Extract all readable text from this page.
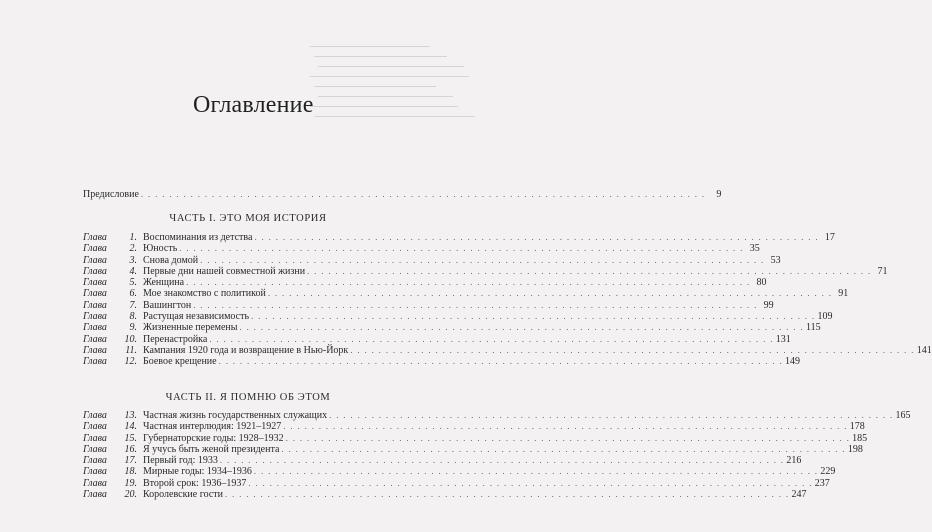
Оглавление
Предисловие . . . . . . . . . . . . . . . . . . . . . . . . . . . . . . . . . . . . . . . . . . . . . . . . . . . . . . . . . . . . . . . . . . . . . . . . . . . . . . . .	9
ЧАСТЬ I. ЭТО МОЯ ИСТОРИЯ
Глава	1. Воспоминания из детства . . . . . . . . . . . . . . . . . . . . . . . . . . . . . . . . . . . . . . . . . . . . . . . . . . . . . . . . . . . . . . . . . . . . . . . . . . . . . . . . 17
Глава	2. Юность . . . . . . . . . . . . . . . . . . . . . . . . . . . . . . . . . . . . . . . . . . . . . . . . . . . . . . . . . . . . . . . . . . . . . . . . . . . . . . . . 35
Глава	3. Снова домой . . . . . . . . . . . . . . . . . . . . . . . . . . . . . . . . . . . . . . . . . . . . . . . . . . . . . . . . . . . . . . . . . . . . . . . . . . . . . . . . 53
Глава	4. Первые дни нашей совместной жизни . . . . . . . . . . . . . . . . . . . . . . . . . . . . . . . . . . . . . . . . . . . . . . . . . . . . . . . . . . . . . . . . . . . . . . . . . . . . . . . . 71
Глава	5. Женщина . . . . . . . . . . . . . . . . . . . . . . . . . . . . . . . . . . . . . . . . . . . . . . . . . . . . . . . . . . . . . . . . . . . . . . . . . . . . . . . . 80
Глава	6. Мое знакомство с политикой . . . . . . . . . . . . . . . . . . . . . . . . . . . . . . . . . . . . . . . . . . . . . . . . . . . . . . . . . . . . . . . . . . . . . . . . . . . . . . . . 91
Глава	7. Вашингтон . . . . . . . . . . . . . . . . . . . . . . . . . . . . . . . . . . . . . . . . . . . . . . . . . . . . . . . . . . . . . . . . . . . . . . . . . . . . . . . . 99
Глава	8. Растущая независимость . . . . . . . . . . . . . . . . . . . . . . . . . . . . . . . . . . . . . . . . . . . . . . . . . . . . . . . . . . . . . . . . . . . . . . . . . . . . . . . . 109
Глава	9. Жизненные перемены . . . . . . . . . . . . . . . . . . . . . . . . . . . . . . . . . . . . . . . . . . . . . . . . . . . . . . . . . . . . . . . . . . . . . . . . . . . . . . . . 115
Глава	10. Перенастройка . . . . . . . . . . . . . . . . . . . . . . . . . . . . . . . . . . . . . . . . . . . . . . . . . . . . . . . . . . . . . . . . . . . . . . . . . . . . . . . . 131
Глава	11. Кампания 1920 года и возвращение в Нью-Йорк . . . . . . . . . . . . . . . . . . . . . . . . . . . . . . . . . . . . . . . . . . . . . . . . . . . . . . . . . . . . . . . . . . . . . . . . . . . . . . . . 141
Глава	12. Боевое крещение . . . . . . . . . . . . . . . . . . . . . . . . . . . . . . . . . . . . . . . . . . . . . . . . . . . . . . . . . . . . . . . . . . . . . . . . . . . . . . . . 149
ЧАСТЬ II. Я ПОМНЮ ОБ ЭТОМ
Глава	13. Частная жизнь государственных служащих . . . . . . . . . . . . . . . . . . . . . . . . . . . . . . . . . . . . . . . . . . . . . . . . . . . . . . . . . . . . . . . . . . . . . . . . . . . . . . . . 165
Глава	14. Частная интерлюдия: 1921–1927 . . . . . . . . . . . . . . . . . . . . . . . . . . . . . . . . . . . . . . . . . . . . . . . . . . . . . . . . . . . . . . . . . . . . . . . . . . . . . . . . 178
Глава	15. Губернаторские годы: 1928–1932 . . . . . . . . . . . . . . . . . . . . . . . . . . . . . . . . . . . . . . . . . . . . . . . . . . . . . . . . . . . . . . . . . . . . . . . . . . . . . . . . 185
Глава	16. Я учусь быть женой президента . . . . . . . . . . . . . . . . . . . . . . . . . . . . . . . . . . . . . . . . . . . . . . . . . . . . . . . . . . . . . . . . . . . . . . . . . . . . . . . . 198
Глава	17. Первый год: 1933 . . . . . . . . . . . . . . . . . . . . . . . . . . . . . . . . . . . . . . . . . . . . . . . . . . . . . . . . . . . . . . . . . . . . . . . . . . . . . . . . 216
Глава	18. Мирные годы: 1934–1936 . . . . . . . . . . . . . . . . . . . . . . . . . . . . . . . . . . . . . . . . . . . . . . . . . . . . . . . . . . . . . . . . . . . . . . . . . . . . . . . . 229
Глава	19. Второй срок: 1936–1937 . . . . . . . . . . . . . . . . . . . . . . . . . . . . . . . . . . . . . . . . . . . . . . . . . . . . . . . . . . . . . . . . . . . . . . . . . . . . . . . . 237
Глава	20. Королевские гости . . . . . . . . . . . . . . . . . . . . . . . . . . . . . . . . . . . . . . . . . . . . . . . . . . . . . . . . . . . . . . . . . . . . . . . . . . . . . . . . 247
